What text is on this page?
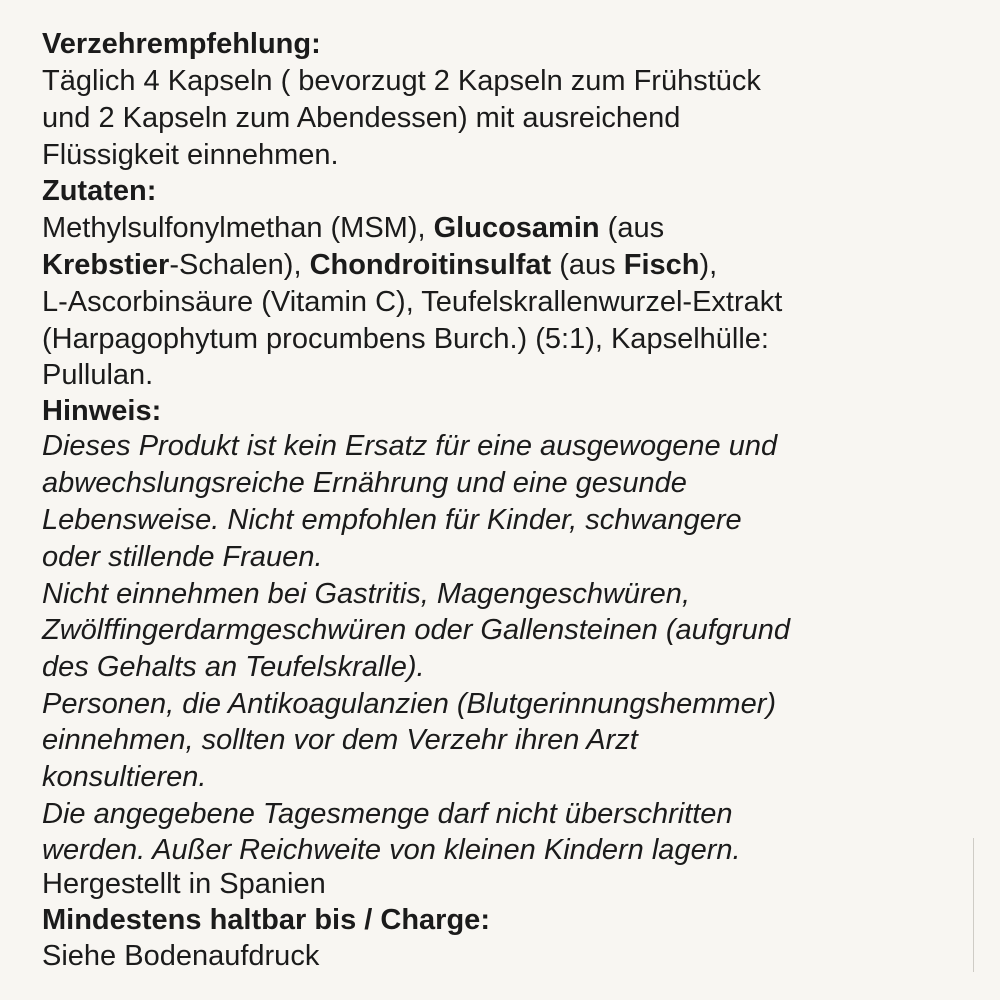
Verzehrempfehlung:
Täglich 4 Kapseln ( bevorzugt 2 Kapseln zum Frühstück
und 2 Kapseln zum Abendessen) mit ausreichend
Flüssigkeit einnehmen.
Zutaten:
Methylsulfonylmethan (MSM), Glucosamin (aus
Krebstier-Schalen), Chondroitinsulfat (aus Fisch),
L-Ascorbinsäure (Vitamin C), Teufelskrallenwurzel-Extrakt
(Harpagophytum procumbens Burch.) (5:1), Kapselhülle:
Pullulan.
Hinweis:
Dieses Produkt ist kein Ersatz für eine ausgewogene und
abwechslungsreiche Ernährung und eine gesunde
Lebensweise. Nicht empfohlen für Kinder, schwangere
oder stillende Frauen.
Nicht einnehmen bei Gastritis, Magengeschwüren,
Zwölffingerdarmgeschwüren oder Gallensteinen (aufgrund
des Gehalts an Teufelskralle).
Personen, die Antikoagulanzien (Blutgerinnungshemmer)
einnehmen, sollten vor dem Verzehr ihren Arzt
konsultieren.
Die angegebene Tagesmenge darf nicht überschritten
werden. Außer Reichweite von kleinen Kindern lagern.
Hergestellt in Spanien
Mindestens haltbar bis / Charge:
Siehe Bodenaufdruck
